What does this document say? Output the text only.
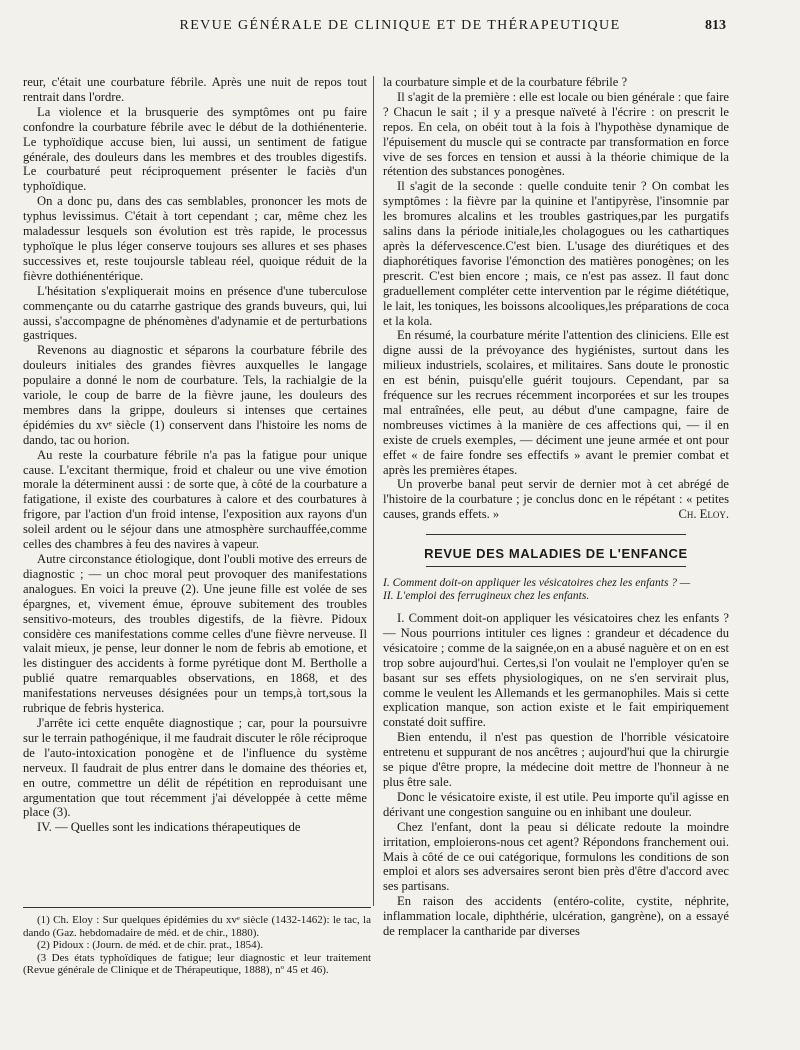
REVUE GÉNÉRALE DE CLINIQUE ET DE THÉRAPEUTIQUE	813

reur, c'était une courbature fébrile. Après une nuit de repos tout rentrait dans l'ordre.

La violence et la brusquerie des symptômes ont pu faire confondre la courbature fébrile avec le début de la dothiénenterie. Le typhoïdique accuse bien, lui aussi, un sentiment de fatigue générale, des douleurs dans les membres et des troubles digestifs. Le courbaturé peut réciproquement présenter le faciès d'un typhoïdique.

On a donc pu, dans des cas semblables, prononcer les mots de typhus levissimus. C'était à tort cependant ; car, même chez les maladessur lesquels son évolution est très rapide, le processus typhoïque le plus léger conserve toujours ses allures et ses phases successives et, reste toujoursle tableau réel, quoique réduit de la fièvre dothiénentérique.

L'hésitation s'expliquerait moins en présence d'une tuberculose commençante ou du catarrhe gastrique des grands buveurs, qui, lui aussi, s'accompagne de phénomènes d'adynamie et de perturbations gastriques.

Revenons au diagnostic et séparons la courbature fébrile des douleurs initiales des grandes fièvres auxquelles le langage populaire a donné le nom de courbature. Tels, la rachialgie de la variole, le coup de barre de la fièvre jaune, les douleurs des membres dans la grippe, douleurs si intenses que certaines épidémies du xvᵉ siècle (1) conservent dans l'histoire les noms de dando, tac ou horion.

Au reste la courbature fébrile n'a pas la fatigue pour unique cause. L'excitant thermique, froid et chaleur ou une vive émotion morale la déterminent aussi : de sorte que, à côté de la courbature a fatigatione, il existe des courbatures à calore et des courbatures à frigore, par l'action d'un froid intense, l'exposition aux rayons d'un soleil ardent ou le séjour dans une atmosphère surchauffée,comme celles des chambres à feu des navires à vapeur.

Autre circonstance étiologique, dont l'oubli motive des erreurs de diagnostic ; — un choc moral peut provoquer des manifestations analogues. En voici la preuve (2). Une jeune fille est volée de ses épargnes, et, vivement émue, éprouve subitement des troubles sensitivo-moteurs, des troubles digestifs, de la fièvre. Pidoux considère ces manifestations comme celles d'une fièvre nerveuse. Il valait mieux, je pense, leur donner le nom de febris ab emotione, et les distinguer des accidents à forme pyrétique dont M. Bertholle a publié quatre remarquables observations, en 1868, et des manifestations nerveuses désignées pour un temps,à tort,sous la rubrique de febris hysterica.

J'arrête ici cette enquête diagnostique ; car, pour la poursuivre sur le terrain pathogénique, il me faudrait discuter le rôle réciproque de l'auto-intoxication ponogène et de l'influence du système nerveux. Il faudrait de plus entrer dans le domaine des théories et, en outre, commettre un délit de répétition en reproduisant une argumentation que tout récemment j'ai développée à cette même place (3).

IV. — Quelles sont les indications thérapeutiques de

la courbature simple et de la courbature fébrile ?

Il s'agit de la première : elle est locale ou bien générale : que faire ? Chacun le sait ; il y a presque naïveté à l'écrire : on prescrit le repos. En cela, on obéit tout à la fois à l'hypothèse dynamique de l'épuisement du muscle qui se contracte par transformation en force vive de ses forces en tension et aussi à la théorie chimique de la rétention des substances ponogènes.

Il s'agit de la seconde : quelle conduite tenir ? On combat les symptômes : la fièvre par la quinine et l'antipyrèse, l'insomnie par les bromures alcalins et les troubles gastriques,par les purgatifs salins dans la période initiale,les cholagogues ou les cathartiques après la défervescence.C'est bien. L'usage des diurétiques et des diaphorétiques favorise l'émonction des matières ponogènes; on les prescrit. C'est bien encore ; mais, ce n'est pas assez. Il faut donc graduellement compléter cette intervention par le régime diététique, le lait, les toniques, les boissons alcooliques,les préparations de coca et la kola.

En résumé, la courbature mérite l'attention des cliniciens. Elle est digne aussi de la prévoyance des hygiénistes, surtout dans les milieux industriels, scolaires, et militaires. Sans doute le pronostic en est bénin, puisqu'elle guérit toujours. Cependant, par sa fréquence sur les recrues récemment incorporées et sur les troupes mal entraînées, elle peut, au début d'une campagne, faire de nombreuses victimes à la manière de ces affections qui, — il en existe de cruels exemples, — déciment une jeune armée et ont pour effet « de faire fondre ses effectifs » avant le premier combat et après les premières étapes.

Un proverbe banal peut servir de dernier mot à cet abrégé de l'histoire de la courbature ; je conclus donc en le répétant : « petites causes, grands effets. »	Ch. Eloy.
REVUE DES MALADIES DE L'ENFANCE
I. Comment doit-on appliquer les vésicatoires chez les enfants ? —
II. L'emploi des ferrugineux chez les enfants.

I. Comment doit-on appliquer les vésicatoires chez les enfants ? — Nous pourrions intituler ces lignes : grandeur et décadence du vésicatoire ; comme de la saignée,on en a abusé naguère et on en est trop sobre aujourd'hui. Certes,si l'on voulait ne l'employer qu'en se basant sur ses effets physiologiques, on ne s'en servirait plus, comme le veulent les Allemands et les germanophiles. Mais si cette explication manque, son action existe et le fait empiriquement constaté doit suffire.

Bien entendu, il n'est pas question de l'horrible vésicatoire entretenu et suppurant de nos ancêtres ; aujourd'hui que la chirurgie se pique d'être propre, la médecine doit mettre de l'honneur à ne plus être sale.

Donc le vésicatoire existe, il est utile. Peu importe qu'il agisse en dérivant une congestion sanguine ou en inhibant une douleur.

Chez l'enfant, dont la peau si délicate redoute la moindre irritation, emploierons-nous cet agent? Répondons franchement oui. Mais à côté de ce oui catégorique, formulons les conditions de son emploi et alors ses adversaires seront bien près d'être d'accord avec ses partisans.

En raison des accidents (entéro-colite, cystite, néphrite, inflammation locale, diphthérie, ulcération, gangrène), on a essayé de remplacer la cantharide par diverses

(1) Ch. Eloy : Sur quelques épidémies du xvᵉ siècle (1432-1462): le tac, la dando (Gaz. hebdomadaire de méd. et de chir., 1880).

(2) Pidoux : (Journ. de méd. et de chir. prat., 1854).

(3 Des états typhoïdiques de fatigue; leur diagnostic et leur traitement (Revue générale de Clinique et de Thérapeutique, 1888), nº 45 et 46).
